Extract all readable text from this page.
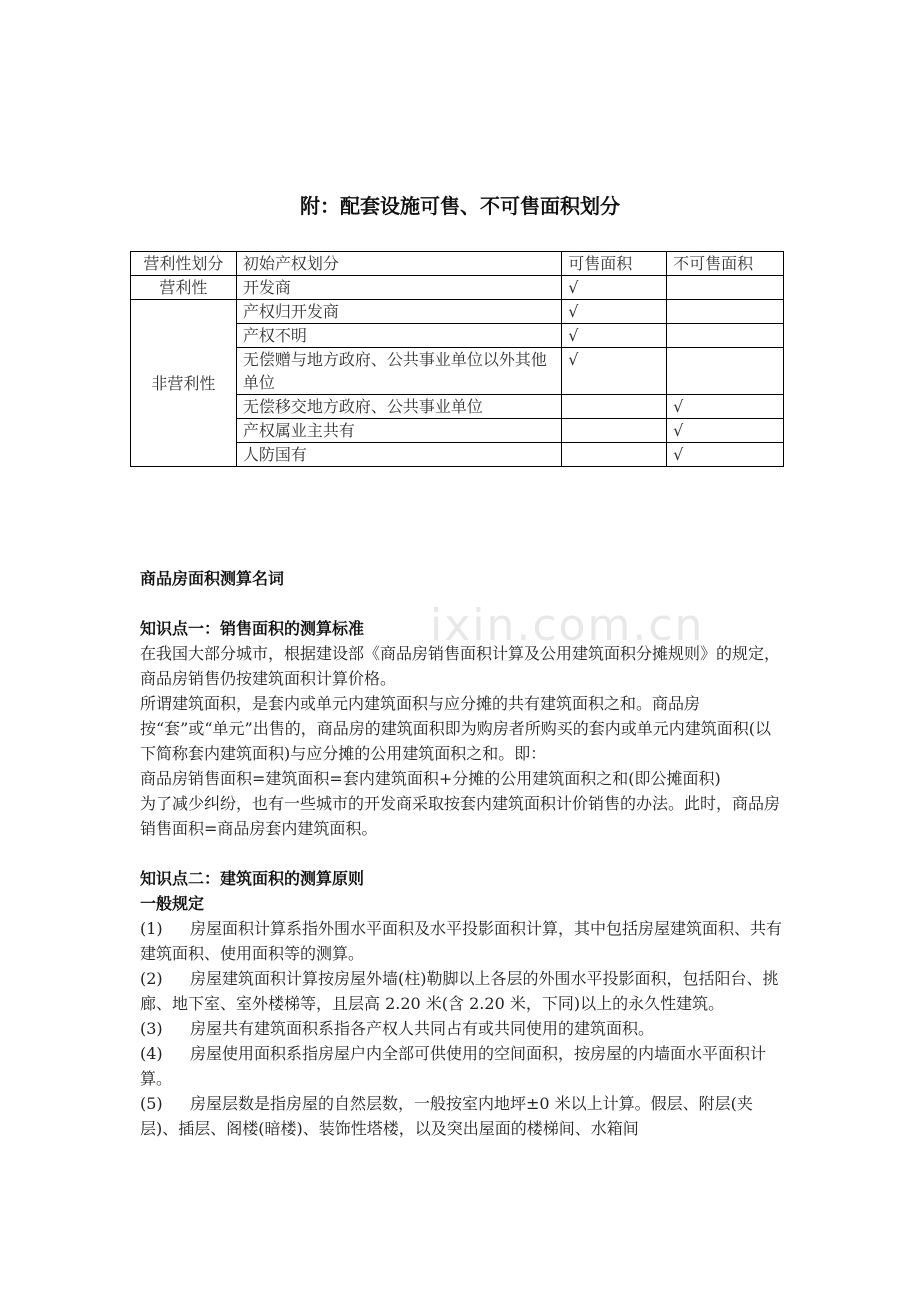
附：配套设施可售、不可售面积划分
营利性划分	初始产权划分	可售面积	不可售面积
营利性	开发商	√	
非营利性	产权归开发商	√	
	产权不明	√	
	无偿赠与地方政府、公共事业单位以外其他单位	√	
	无偿移交地方政府、公共事业单位		√
	产权属业主共有		√
	人防国有		√
ixin.com.cn

商品房面积测算名词

知识点一：销售面积的测算标准

在我国大部分城市，根据建设部《商品房销售面积计算及公用建筑面积分摊规则》的规定，商品房销售仍按建筑面积计算价格。

所谓建筑面积，是套内或单元内建筑面积与应分摊的共有建筑面积之和。商品房按“套”或“单元”出售的，商品房的建筑面积即为购房者所购买的套内或单元内建筑面积(以下简称套内建筑面积)与应分摊的公用建筑面积之和。即：

商品房销售面积=建筑面积=套内建筑面积+分摊的公用建筑面积之和(即公摊面积)

为了减少纠纷，也有一些城市的开发商采取按套内建筑面积计价销售的办法。此时，商品房销售面积=商品房套内建筑面积。

知识点二：建筑面积的测算原则

一般规定

(1) 房屋面积计算系指外围水平面积及水平投影面积计算，其中包括房屋建筑面积、共有建筑面积、使用面积等的测算。

(2) 房屋建筑面积计算按房屋外墙(柱)勒脚以上各层的外围水平投影面积，包括阳台、挑廊、地下室、室外楼梯等，且层高 2.20 米(含 2.20 米，下同)以上的永久性建筑。

(3) 房屋共有建筑面积系指各产权人共同占有或共同使用的建筑面积。

(4) 房屋使用面积系指房屋户内全部可供使用的空间面积，按房屋的内墙面水平面积计算。

(5) 房屋层数是指房屋的自然层数，一般按室内地坪±0 米以上计算。假层、附层(夹层)、插层、阁楼(暗楼)、装饰性塔楼，以及突出屋面的楼梯间、水箱间
